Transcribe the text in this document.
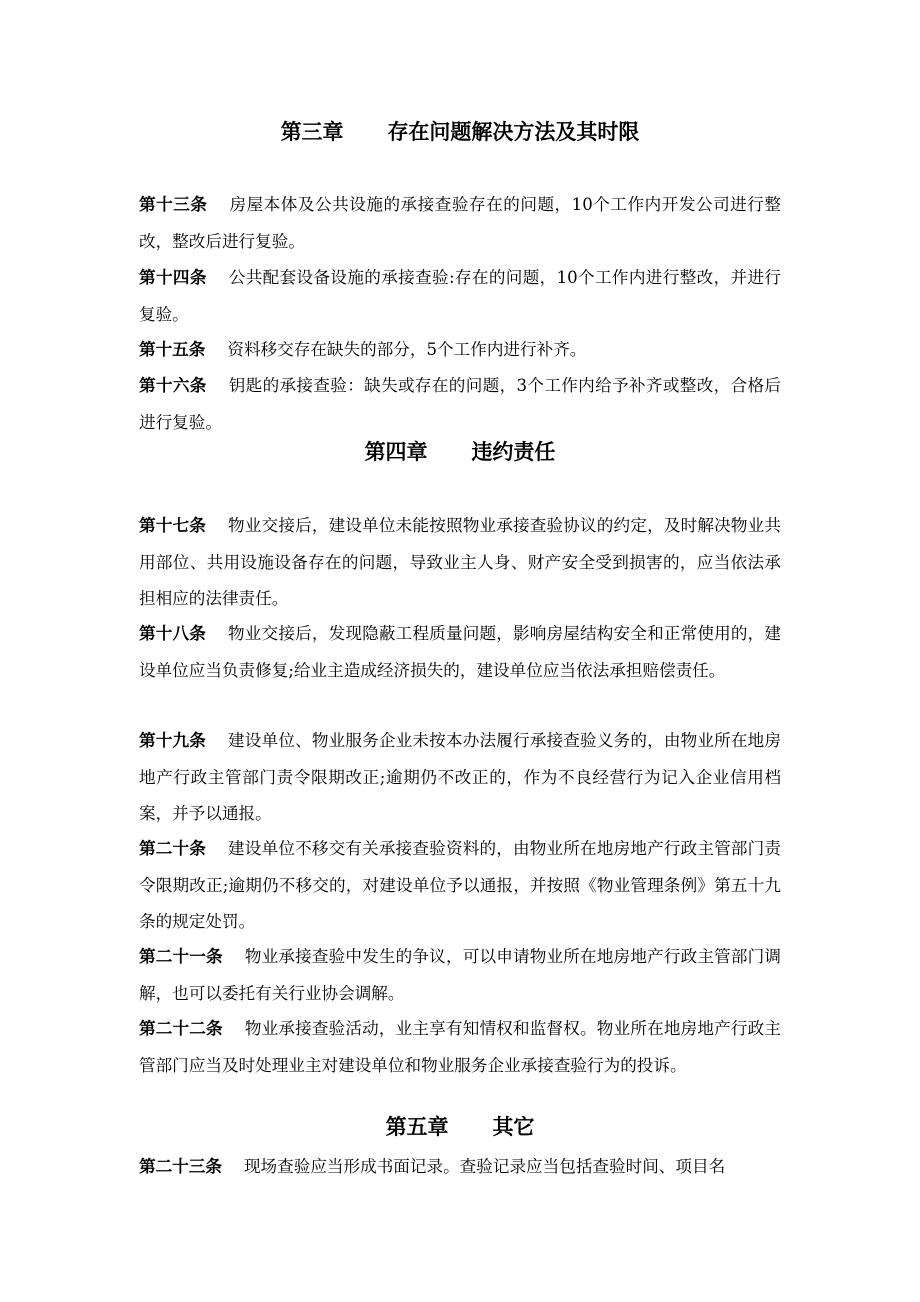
第三章 存在问题解决方法及其时限
第十三条 房屋本体及公共设施的承接查验存在的问题，10个工作内开发公司进行整改，整改后进行复验。
第十四条 公共配套设备设施的承接查验:存在的问题，10个工作内进行整改，并进行复验。
第十五条 资料移交存在缺失的部分，5个工作内进行补齐。
第十六条 钥匙的承接查验：缺失或存在的问题，3个工作内给予补齐或整改，合格后进行复验。
第四章 违约责任
第十七条 物业交接后，建设单位未能按照物业承接查验协议的约定，及时解决物业共用部位、共用设施设备存在的问题，导致业主人身、财产安全受到损害的，应当依法承担相应的法律责任。
第十八条 物业交接后，发现隐蔽工程质量问题，影响房屋结构安全和正常使用的，建设单位应当负责修复;给业主造成经济损失的，建设单位应当依法承担赔偿责任。
第十九条 建设单位、物业服务企业未按本办法履行承接查验义务的，由物业所在地房地产行政主管部门责令限期改正;逾期仍不改正的，作为不良经营行为记入企业信用档案，并予以通报。
第二十条 建设单位不移交有关承接查验资料的，由物业所在地房地产行政主管部门责令限期改正;逾期仍不移交的，对建设单位予以通报，并按照《物业管理条例》第五十九条的规定处罚。
第二十一条 物业承接查验中发生的争议，可以申请物业所在地房地产行政主管部门调解，也可以委托有关行业协会调解。
第二十二条 物业承接查验活动，业主享有知情权和监督权。物业所在地房地产行政主管部门应当及时处理业主对建设单位和物业服务企业承接查验行为的投诉。
第五章 其它
第二十三条 现场查验应当形成书面记录。查验记录应当包括查验时间、项目名
